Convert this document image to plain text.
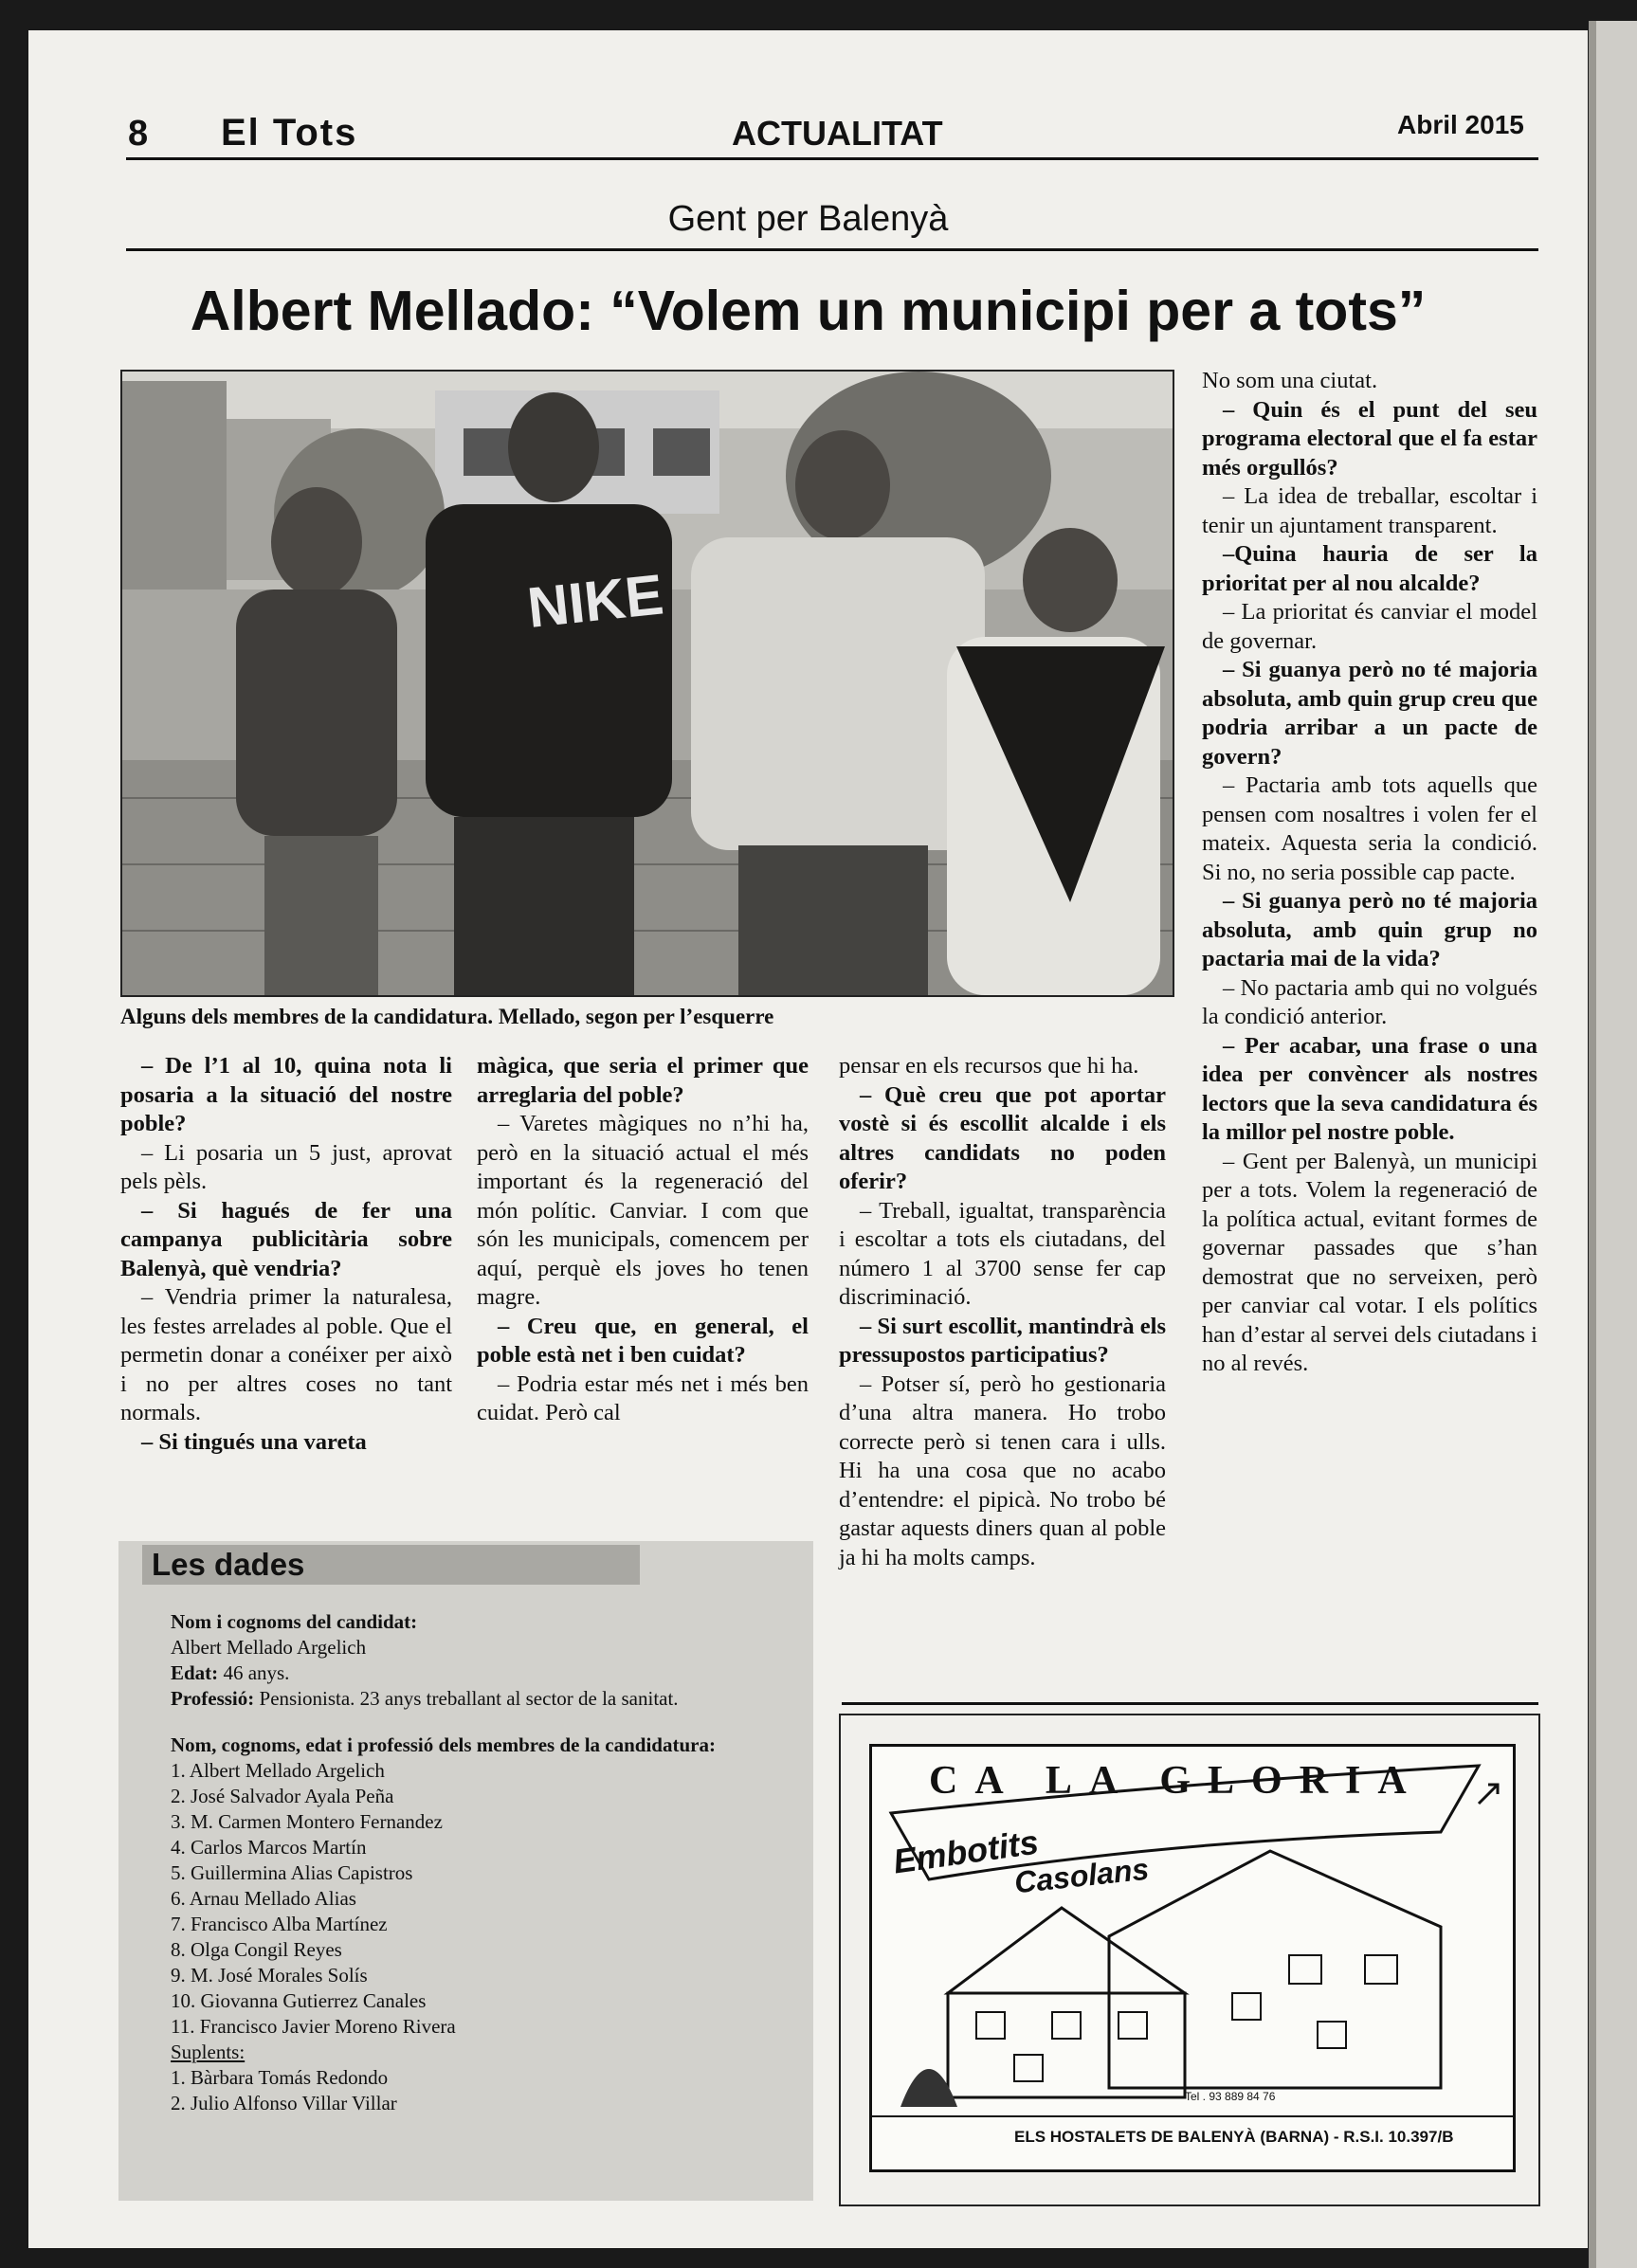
8 El Tots	ACTUALITAT	Abril 2015
Gent per Balenyà
Albert Mellado: “Volem un municipi per a tots”
NIKE
Alguns dels membres de la candidatura. Mellado, segon per l’esquerre

– De l’1 al 10, quina nota li posaria a la situació del nostre poble?

– Li posaria un 5 just, aprovat pels pèls.

– Si hagués de fer una campanya publicitària sobre Balenyà, què vendria?

– Vendria primer la naturalesa, les festes arrelades al poble. Que el permetin donar a conéixer per això i no per altres coses no tant normals.

– Si tingués una vareta

màgica, que seria el primer que arreglaria del poble?

– Varetes màgiques no n’hi ha, però en la situació actual el més important és la regeneració del món polític. Canviar. I com que són les municipals, comencem per aquí, perquè els joves ho tenen magre.

– Creu que, en general, el poble està net i ben cuidat?

– Podria estar més net i més ben cuidat. Però cal

pensar en els recursos que hi ha.

– Què creu que pot aportar vostè si és escollit alcalde i els altres candidats no poden oferir?

– Treball, igualtat, transparència i escoltar a tots els ciutadans, del número 1 al 3700 sense fer cap discriminació.

– Si surt escollit, mantindrà els pressupostos participatius?

– Potser sí, però ho gestionaria d’una altra manera. Ho trobo correcte però si tenen cara i ulls. Hi ha una cosa que no acabo d’entendre: el pipicà. No trobo bé gastar aquests diners quan al poble ja hi ha molts camps.

No som una ciutat.

– Quin és el punt del seu programa electoral que el fa estar més orgullós?

– La idea de treballar, escoltar i tenir un ajuntament transparent.

–Quina hauria de ser la prioritat per al nou alcalde?

– La prioritat és canviar el model de governar.

– Si guanya però no té majoria absoluta, amb quin grup creu que podria arribar a un pacte de govern?

– Pactaria amb tots aquells que pensen com nosaltres i volen fer el mateix. Aquesta seria la condició. Si no, no seria possible cap pacte.

– Si guanya però no té majoria absoluta, amb quin grup no pactaria mai de la vida?

– No pactaria amb qui no volgués la condició anterior.

– Per acabar, una frase o una idea per convèncer als nostres lectors que la seva candidatura és la millor pel nostre poble.

– Gent per Balenyà, un municipi per a tots. Volem la regeneració de la política actual, evitant formes de governar passades que s’han demostrat que no serveixen, però per canviar cal votar. I els polítics han d’estar al servei dels ciutadans i no al revés.

Les dades

Nom i cognoms del candidat:

Albert Mellado Argelich

Edat: 46 anys.

Professió: Pensionista. 23 anys treballant al sector de la sanitat.

Nom, cognoms, edat i professió dels membres de la candidatura:

1. Albert Mellado Argelich
2. José Salvador Ayala Peña
3. M. Carmen Montero Fernandez
4. Carlos Marcos Martín
5. Guillermina Alias Capistros
6. Arnau Mellado Alias
7. Francisco Alba Martínez
8. Olga Congil Reyes
9. M. José Morales Solís
10. Giovanna Gutierrez Canales
11. Francisco Javier Moreno Rivera

Suplents:

1. Bàrbara Tomás Redondo
2. Julio Alfonso Villar Villar
CA LA GLORIA
Embotits
Casolans
Tel . 93 889 84 76
ELS HOSTALETS DE BALENYÀ (BARNA) - R.S.I. 10.397/B
